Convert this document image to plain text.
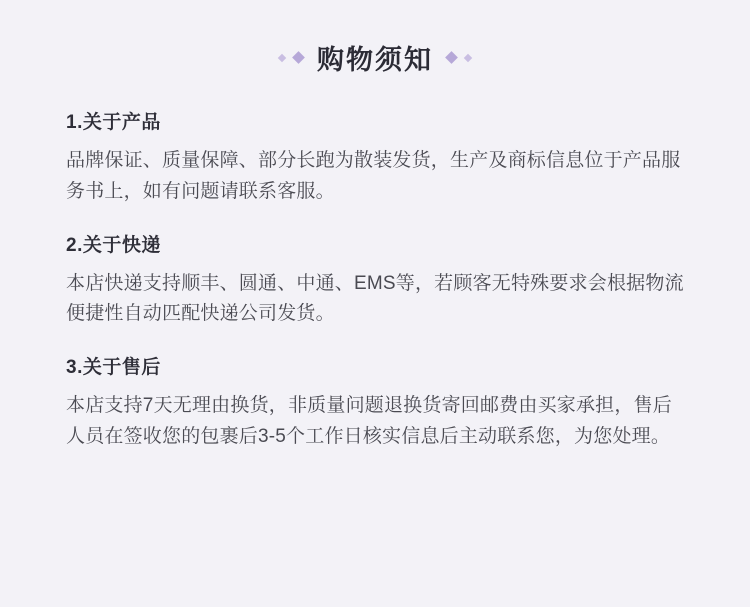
购物须知
1.关于产品

品牌保证、质量保障、部分长跑为散装发货，生产及商标信息位于产品服务书上，如有问题请联系客服。

2.关于快递

本店快递支持顺丰、圆通、中通、EMS等，若顾客无特殊要求会根据物流便捷性自动匹配快递公司发货。

3.关于售后

本店支持7天无理由换货，非质量问题退换货寄回邮费由买家承担，售后人员在签收您的包裹后3-5个工作日核实信息后主动联系您，为您处理。
